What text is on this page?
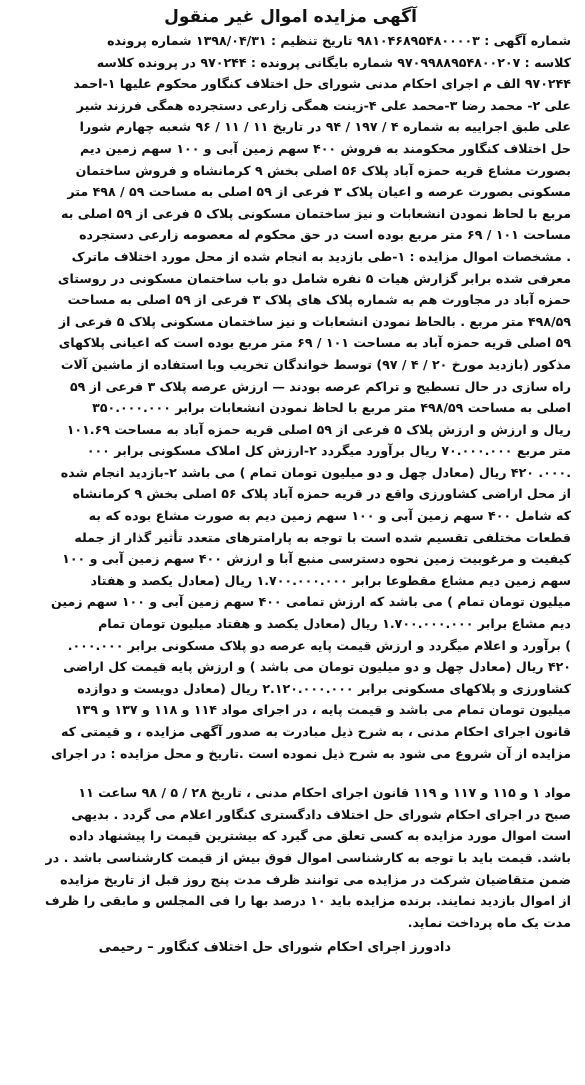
آگهی مزایده اموال غیر منقول
شماره آگهی : ۹۸۱۰۴۶۸۹۵۴۸۰۰۰۰۳ تاریخ تنظیم : ۱۳۹۸/۰۴/۳۱ شماره پرونده
کلاسه : ۹۷۰۹۹۸۸۹۵۴۸۰۰۲۰۷ شماره بایگانی پرونده : ۹۷۰۲۴۴ در پرونده کلاسه
۹۷۰۲۴۴ الف م اجرای احکام مدنی شورای حل اختلاف کنگاور محکوم علیها ۱-احمد
علی ۲- محمد رضا ۳-محمد علی ۴-زینت همگی زارعی دستجرده همگی فرزند شیر
علی طبق اجراییه به شماره ۴ / ۱۹۷ / ۹۴ در تاریخ ۱۱ / ۱۱ / ۹۶ شعبه چهارم شورا
حل اختلاف کنگاور محکومند به فروش ۴۰۰ سهم زمین آبی و ۱۰۰ سهم زمین دیم
بصورت مشاع قریه حمزه آباد پلاک ۵۶ اصلی بخش ۹ کرمانشاه و فروش ساختمان
مسکونی بصورت عرصه و اعیان پلاک ۳ فرعی از ۵۹ اصلی به مساحت ۵۹ / ۴۹۸ متر
مربع با لحاظ نمودن انشعابات و نیز ساختمان مسکونی پلاک ۵ فرعی از ۵۹ اصلی به
مساحت ۱۰۱ / ۶۹ متر مربع بوده است در حق محکوم له معصومه زارعی دستجرده
. مشخصات اموال مزایده : ۱-طی بازدید به انجام شده از محل مورد اختلاف ماترک
معرفی شده برابر گزارش هیات ۵ نفره شامل دو باب ساختمان مسکونی در روستای
حمزه آباد در مجاورت هم به شماره پلاک های پلاک ۳ فرعی از ۵۹ اصلی به مساحت
۴۹۸/۵۹ متر مربع . بالحاظ نمودن انشعابات و نیز ساختمان مسکونی پلاک ۵ فرعی از
۵۹ اصلی قریه حمزه آباد به مساحت ۱۰۱ / ۶۹ متر مربع بوده است که اعیانی پلاکهای
مذکور (بازدید مورخ ۲۰ / ۴ / ۹۷) توسط خواندگان تخریب وبا استفاده از ماشین آلات
راه سازی در حال تسطیح و تراکم عرصه بودند — ارزش عرصه پلاک ۳ فرعی از ۵۹
اصلی به مساحت ۴۹۸/۵۹ متر مربع با لحاظ نمودن انشعابات برابر ۳۵۰.۰۰۰.۰۰۰
ریال و ارزش و ارزش پلاک ۵ فرعی از ۵۹ اصلی قریه حمزه آباد به مساحت ۱۰۱.۶۹
متر مربع ۷۰.۰۰۰.۰۰۰ ریال برآورد میگردد ۲-ارزش کل املاک مسکونی برابر ۰۰۰
.۰۰۰. ۴۲۰ ریال (معادل چهل و دو میلیون تومان تمام ) می باشد ۲-بازدید انجام شده
از محل اراضی کشاورزی واقع در قریه حمزه آباد پلاک ۵۶ اصلی بخش ۹ کرمانشاه
که شامل ۴۰۰ سهم زمین آبی و ۱۰۰ سهم زمین دیم به صورت مشاع بوده که به
قطعات مختلفی تقسیم شده است با توجه به پارامترهای متعدد تأثیر گذار از جمله
کیفیت و مرغوبیت زمین نحوه دسترسی منبع آبا و ارزش ۴۰۰ سهم زمین آبی و ۱۰۰
سهم زمین دیم مشاع مقطوعا برابر ۱.۷۰۰.۰۰۰.۰۰۰ ریال (معادل یکصد و هفتاد
میلیون تومان تمام ) می باشد که ارزش تمامی ۴۰۰ سهم زمین آبی و ۱۰۰ سهم زمین
دیم مشاع برابر ۱.۷۰۰.۰۰۰.۰۰۰ ریال (معادل یکصد و هفتاد میلیون تومان تمام
) برآورد و اعلام میگردد و ارزش قیمت پایه عرصه دو پلاک مسکونی برابر ۰۰۰.۰۰۰.
۴۲۰ ریال (معادل چهل و دو میلیون تومان می باشد ) و ارزش پایه قیمت کل اراضی
کشاورزی و پلاکهای مسکونی برابر ۲.۱۲۰.۰۰۰.۰۰۰ ریال (معادل دویست و دوازده
میلیون تومان تمام می باشد و قیمت پایه ، در اجرای مواد ۱۱۴ و ۱۱۸ و ۱۳۷ و ۱۳۹
قانون اجرای احکام مدنی ، به شرح ذیل مبادرت به صدور آگهی مزایده ، و قیمتی که
مزایده از آن شروع می شود به شرح ذیل نموده است .تاریخ و محل مزایده : در اجرای
مواد ۱ و ۱۱۵ و ۱۱۷ و ۱۱۹ قانون اجرای احکام مدنی ، تاریخ ۲۸ / ۵ / ۹۸ ساعت ۱۱
صبح در اجرای احکام شورای حل اختلاف دادگستری کنگاور اعلام می گردد . بدیهی
است اموال مورد مزایده به کسی تعلق می گیرد که بیشترین قیمت را پیشنهاد داده
باشد. قیمت باید با توجه به کارشناسی اموال فوق بیش از قیمت کارشناسی باشد . در
ضمن متقاضیان شرکت در مزایده می توانند ظرف مدت پنج روز قبل از تاریخ مزایده
از اموال بازدید نمایند. برنده مزایده باید ۱۰ درصد بها را فی المجلس و مابقی را ظرف
مدت یک ماه پرداخت نماید.
دادورز اجرای احکام شورای حل اختلاف کنگاور – رحیمی
